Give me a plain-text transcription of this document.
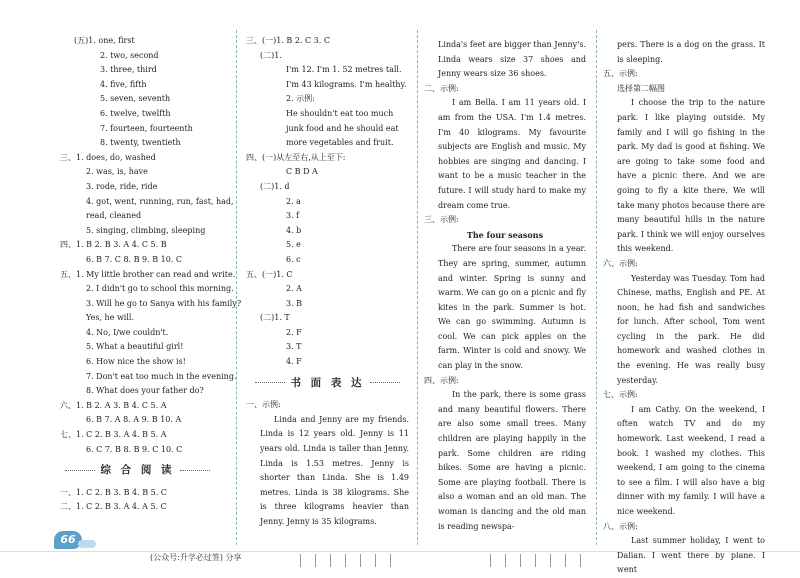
(五)1. one, first
2. two, second
3. three, third
4. five, fifth
5. seven, seventh
6. twelve, twelfth
7. fourteen, fourteenth
8. twenty, twentieth
三、1. does, do, washed
2. was, is, have
3. rode, ride, ride
4. got, went, running, run, fast, had,
read, cleaned
5. singing, climbing, sleeping
四、1. B 2. B 3. A 4. C 5. B
6. B 7. C 8. B 9. B 10. C
五、1. My little brother can read and write.
2. I didn't go to school this morning.
3. Will he go to Sanya with his family?
Yes, he will.
4. No, I/we couldn't.
5. What a beautiful girl!
6. How nice the show is!
7. Don't eat too much in the evening.
8. What does your father do?
六、1. B 2. A 3. B 4. C 5. A
6. B 7. A 8. A 9. B 10. A
七、1. C 2. B 3. A 4. B 5. A
6. C 7. B 8. B 9. C 10. C
综 合 阅 读
一、1. C 2. B 3. B 4. B 5. C
二、1. C 2. B 3. A 4. A 5. C
三、(一)1. B 2. C 3. C
(二)1.
I'm 12. I'm 1. 52 metres tall.
I'm 43 kilograms. I'm healthy.
2. 示例:
He shouldn't eat too much
junk food and he should eat
more vegetables and fruit.
四、(一)从左至右,从上至下:
C B D A
(二)1. d
2. a
3. f
4. b
5. e
6. c
五、(一)1. C
2. A
3. B
(二)1. T
2. F
3. T
4. F
书 面 表 达
一、示例:
Linda and Jenny are my friends. Linda is 12 years old. Jenny is 11 years old. Linda is taller than Jenny. Linda is 1.53 metres. Jenny is shorter than Linda. She is 1.49 metres. Linda is 38 kilograms. She is three kilograms heavier than Jenny. Jenny is 35 kilograms.
Linda's feet are bigger than Jenny's. Linda wears size 37 shoes and Jenny wears size 36 shoes.
二、示例:
I am Bella. I am 11 years old. I am from the USA. I'm 1.4 metres. I'm 40 kilograms. My favourite subjects are English and music. My hobbies are singing and dancing. I want to be a music teacher in the future. I will study hard to make my dream come true.
三、示例:
The four seasons
There are four seasons in a year. They are spring, summer, autumn and winter. Spring is sunny and warm. We can go on a picnic and fly kites in the park. Summer is hot. We can go swimming. Autumn is cool. We can pick apples on the farm. Winter is cold and snowy. We can play in the snow.
四、示例:
In the park, there is some grass and many beautiful flowers. There are also some small trees. Many children are playing happily in the park. Some children are riding bikes. Some are having a picnic. Some are playing football. There is also a woman and an old man. The woman is dancing and the old man is reading newspa-
pers. There is a dog on the grass. It is sleeping.
五、示例:
选择第二幅图
I choose the trip to the nature park. I like playing outside. My family and I will go fishing in the park. My dad is good at fishing. We are going to take some food and have a picnic there. And we are going to fly a kite there. We will take many photos because there are many beautiful hills in the nature park. I think we will enjoy ourselves this weekend.
六、示例:
Yesterday was Tuesday. Tom had Chinese, maths, English and PE. At noon, he had fish and sandwiches for lunch. After school, Tom went cycling in the park. He did homework and washed clothes in the evening. He was really busy yesterday.
七、示例:
I am Cathy. On the weekend, I often watch TV and do my homework. Last weekend, I read a book. I washed my clothes. This weekend, I am going to the cinema to see a film. I will also have a big dinner with my family. I will have a nice weekend.
八、示例:
Last summer holiday, I went to Dalian. I went there by plane. I went
66
(公众号:升学必过签) 分享
